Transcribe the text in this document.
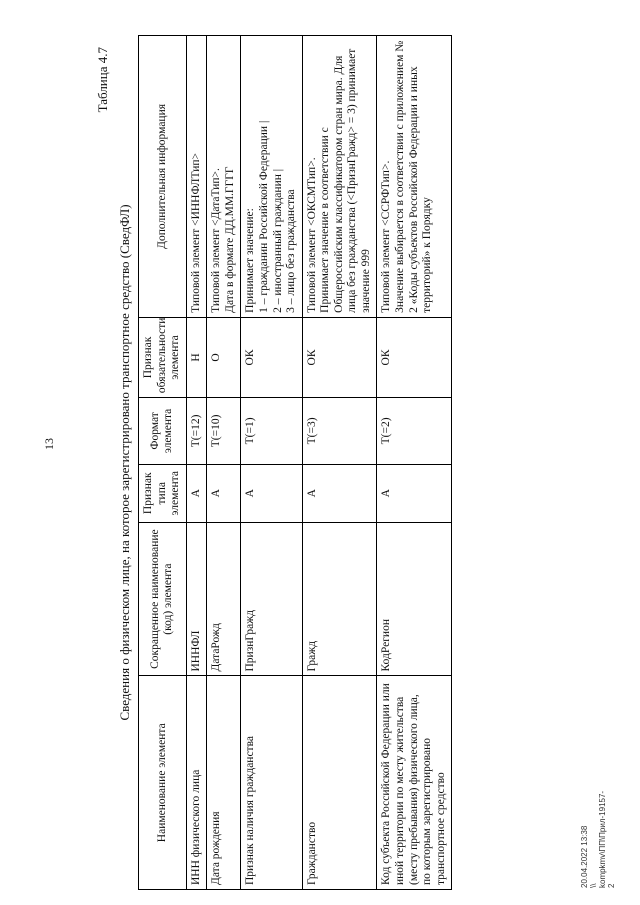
13
Таблица 4.7
Сведения о физическом лице, на которое зарегистрировано транспортное средство (СведФЛ)
Наименование элемента	Сокращенное наименование (код) элемента	Признак типа элемента	Формат элемента	Признак обязательности элемента	Дополнительная информация
ИНН физического лица	ИННФЛ	А	T(=12)	Н	Типовой элемент <ИННФЛТип>
Дата рождения	ДатаРожд	А	T(=10)	О	Типовой элемент <ДатаТип>.
Дата в формате ДД.ММ.ГГГГ
Признак наличия гражданства	ПризнГражд	А	T(=1)	ОК	Принимает значение:
1 – гражданин Российской Федерации |
2 – иностранный гражданин |
3 – лицо без гражданства
Гражданство	Гражд	А	T(=3)	ОК	Типовой элемент <ОКСМТип>.
Принимает значение в соответствии с Общероссийским классификатором стран мира. Для лица без гражданства (<ПризнГражд> = 3) принимает значение 999
Код субъекта Российской Федерации или иной территории по месту жительства (месту пребывания) физического лица, по которым зарегистрировано транспортное средство	КодРегион	А	T(=2)	ОК	Типовой элемент <ССРФТип>.
Значение выбирается в соответствии с приложением № 2 «Коды субъектов Российской Федерации и иных территорий» к Порядку
20.04.2022 13:38 \\ kompkmv\ПП\Прил-19157-2
